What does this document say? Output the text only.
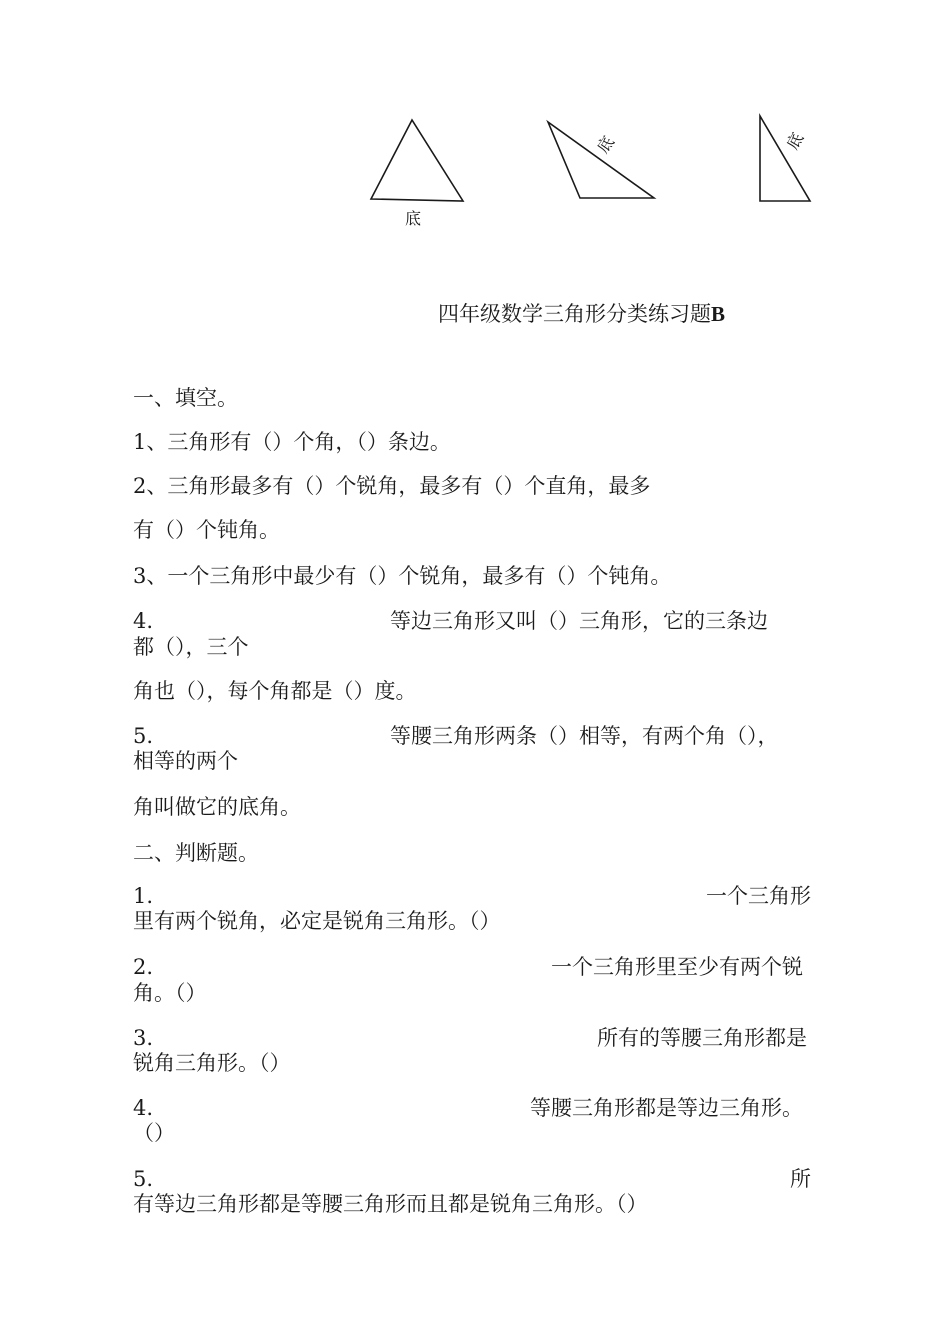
底
底	底
四年级数学三角形分类练习题B
一、填空。
1、三角形有（）个角，（）条边。
2、三角形最多有（）个锐角，最多有（）个直角，最多
有（）个钝角。
3、一个三角形中最少有（）个锐角，最多有（）个钝角。
4.	等边三角形又叫（）三角形，它的三条边
都（），三个
角也（），每个角都是（）度。
5.	等腰三角形两条（）相等，有两个角（），
相等的两个
角叫做它的底角。
二、判断题。
1.	一个三角形
里有两个锐角，必定是锐角三角形。（）
2.	一个三角形里至少有两个锐
角。（）
3.	所有的等腰三角形都是
锐角三角形。（）
4.	等腰三角形都是等边三角形。
（）
5.	所
有等边三角形都是等腰三角形而且都是锐角三角形。（）
